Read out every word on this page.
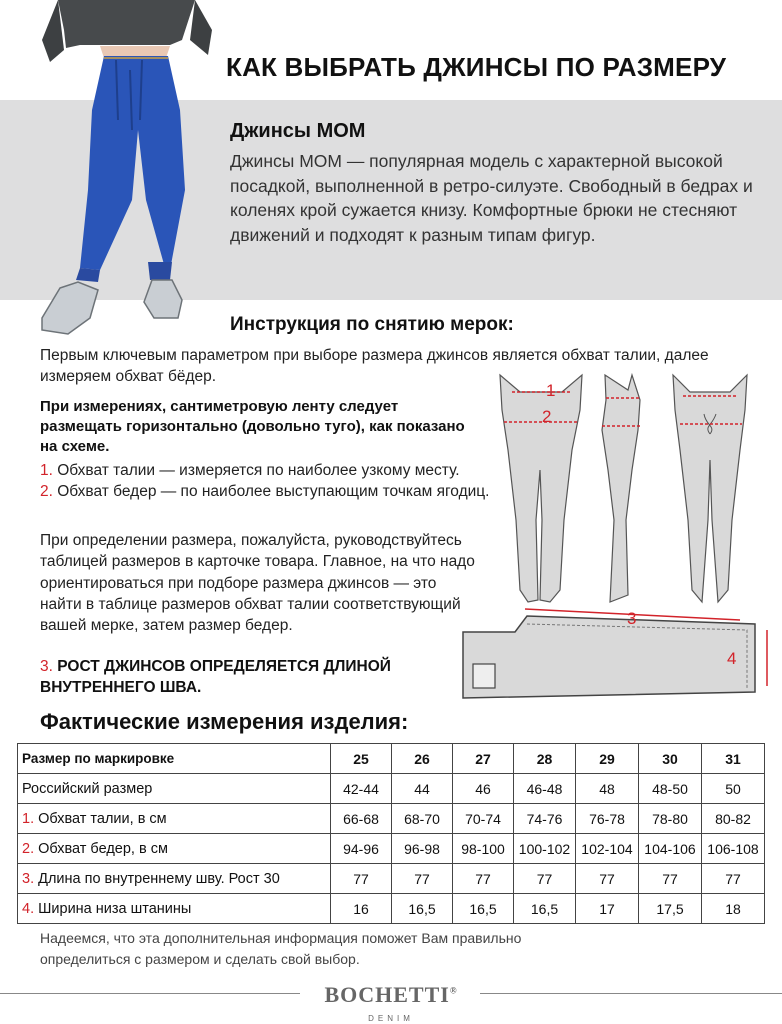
КАК ВЫБРАТЬ ДЖИНСЫ ПО РАЗМЕРУ
Джинсы МОМ
Джинсы МОМ — популярная модель с характерной высокой посадкой, выполненной в ретро-силуэте. Свободный в бедрах и коленях крой сужается книзу. Комфортные брюки не стесняют движений и подходят к разным типам фигур.
Инструкция по снятию мерок:
Первым ключевым параметром при выборе размера джинсов является обхват талии, далее измеряем обхват бёдер.
При измерениях, сантиметровую ленту следует размещать горизонтально (довольно туго), как показано на схеме.
1. Обхват талии — измеряется по наиболее узкому месту.
2. Обхват бедер — по наиболее выступающим точкам ягодиц.
При определении размера, пожалуйста, руководствуйтесь таблицей размеров в карточке товара. Главное, на что надо ориентироваться при подборе размера джинсов — это найти в таблице размеров обхват талии соответствующий вашей мерке, затем размер бедер.
3. РОСТ ДЖИНСОВ ОПРЕДЕЛЯЕТСЯ ДЛИНОЙ ВНУТРЕННЕГО ШВА.
1
2
3
4
Фактические измерения изделия:
Размер по маркировке	25	26	27	28	29	30	31
Российский размер	42-44	44	46	46-48	48	48-50	50
1. Обхват талии, в см	66-68	68-70	70-74	74-76	76-78	78-80	80-82
2. Обхват бедер, в см	94-96	96-98	98-100	100-102	102-104	104-106	106-108
3. Длина по внутреннему шву. Рост 30	77	77	77	77	77	77	77
4. Ширина низа штанины	16	16,5	16,5	16,5	17	17,5	18
Надеемся, что эта дополнительная информация поможет Вам правильно определиться с размером и сделать свой выбор.
BOCHETTI®
DENIM
